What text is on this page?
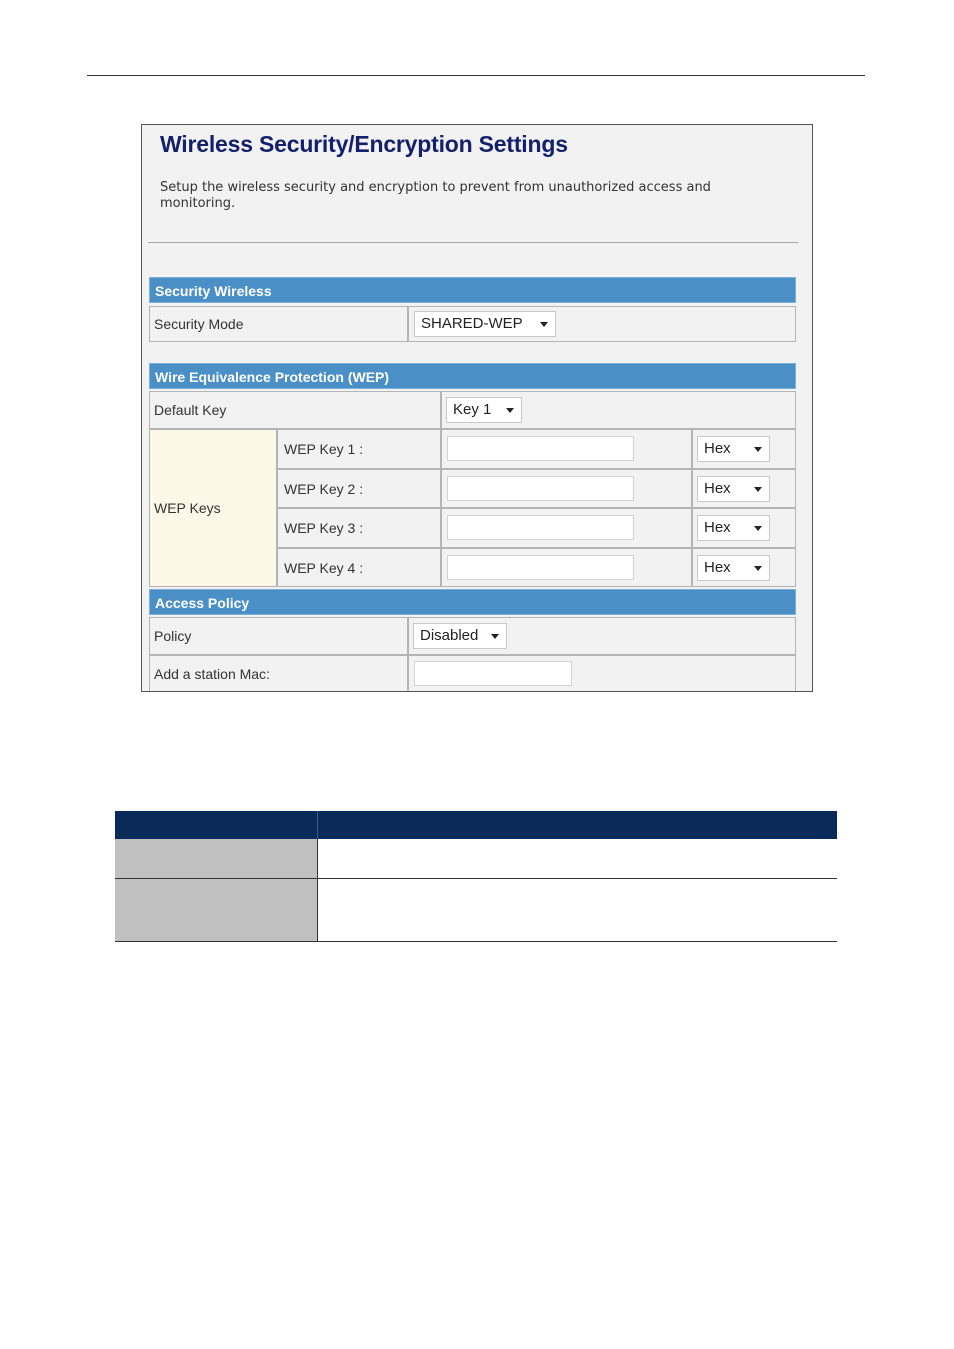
Wireless Security/Encryption Settings
Setup the wireless security and encryption to prevent from unauthorized access and monitoring.
Security Wireless
Security Mode	SHARED-WEP
Wire Equivalence Protection (WEP)
Default Key	Key 1
WEP Keys
WEP Key 1 :	Hex
WEP Key 2 :	Hex
WEP Key 3 :	Hex
WEP Key 4 :	Hex
Access Policy
Policy	Disabled
Add a station Mac:
